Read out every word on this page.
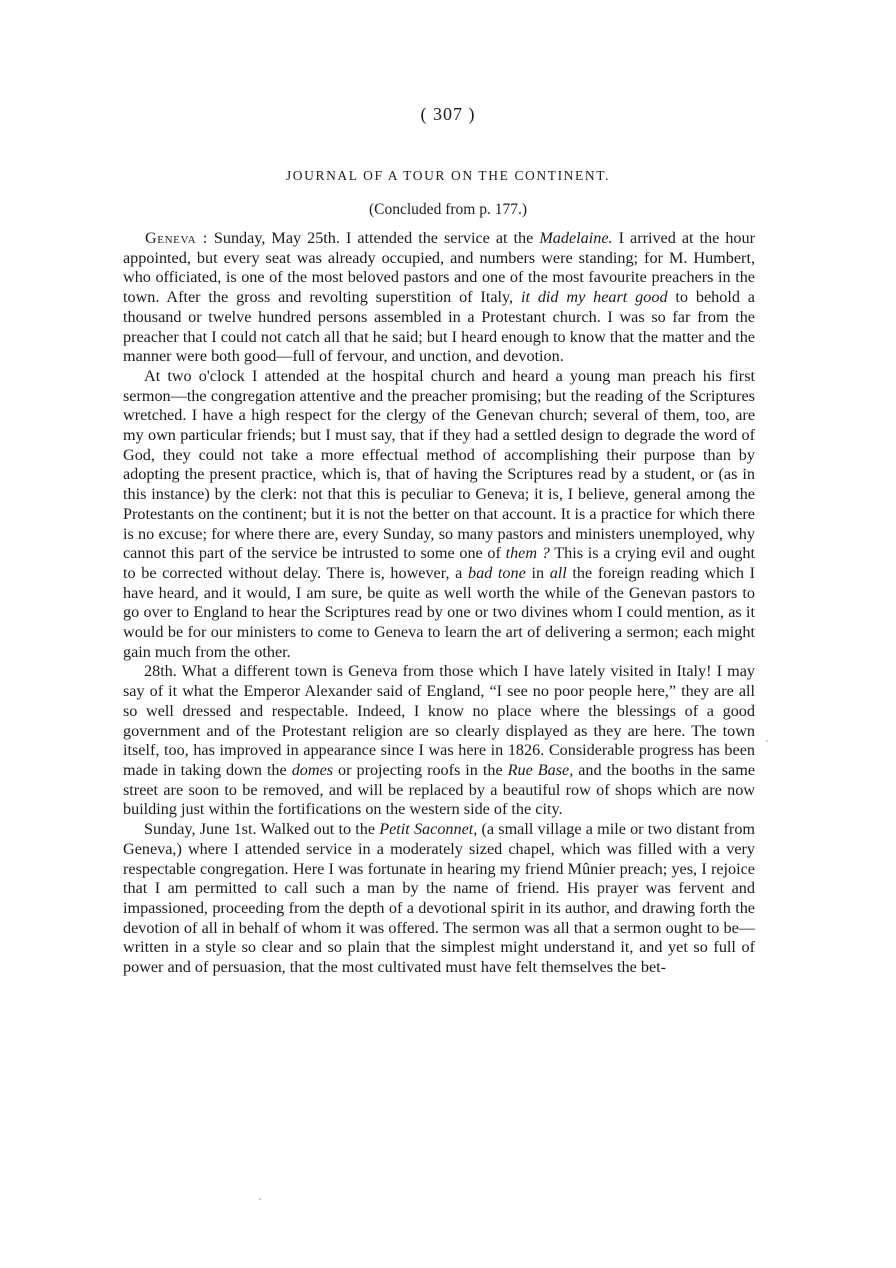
( 307 )
JOURNAL OF A TOUR ON THE CONTINENT.
(Concluded from p. 177.)

Geneva : Sunday, May 25th. I attended the service at the Madelaine. I arrived at the hour appointed, but every seat was already occupied, and numbers were standing; for M. Humbert, who officiated, is one of the most beloved pastors and one of the most favourite preachers in the town. After the gross and revolting superstition of Italy, it did my heart good to behold a thousand or twelve hundred persons assembled in a Protestant church. I was so far from the preacher that I could not catch all that he said; but I heard enough to know that the matter and the manner were both good—full of fervour, and unction, and devotion.

At two o'clock I attended at the hospital church and heard a young man preach his first sermon—the congregation attentive and the preacher promising; but the reading of the Scriptures wretched. I have a high respect for the clergy of the Genevan church; several of them, too, are my own particular friends; but I must say, that if they had a settled design to degrade the word of God, they could not take a more effectual method of accomplishing their purpose than by adopting the present practice, which is, that of having the Scriptures read by a student, or (as in this instance) by the clerk: not that this is peculiar to Geneva; it is, I believe, general among the Protestants on the continent; but it is not the better on that account. It is a practice for which there is no excuse; for where there are, every Sunday, so many pastors and ministers unemployed, why cannot this part of the service be intrusted to some one of them ? This is a crying evil and ought to be corrected without delay. There is, however, a bad tone in all the foreign reading which I have heard, and it would, I am sure, be quite as well worth the while of the Genevan pastors to go over to England to hear the Scriptures read by one or two divines whom I could mention, as it would be for our ministers to come to Geneva to learn the art of delivering a sermon; each might gain much from the other.

28th. What a different town is Geneva from those which I have lately visited in Italy! I may say of it what the Emperor Alexander said of England, “I see no poor people here,” they are all so well dressed and respectable. Indeed, I know no place where the blessings of a good government and of the Protestant religion are so clearly displayed as they are here. The town itself, too, has improved in appearance since I was here in 1826. Considerable progress has been made in taking down the domes or projecting roofs in the Rue Base, and the booths in the same street are soon to be removed, and will be replaced by a beautiful row of shops which are now building just within the fortifications on the western side of the city.

Sunday, June 1st. Walked out to the Petit Saconnet, (a small village a mile or two distant from Geneva,) where I attended service in a moderately sized chapel, which was filled with a very respectable congregation. Here I was fortunate in hearing my friend Mûnier preach; yes, I rejoice that I am permitted to call such a man by the name of friend. His prayer was fervent and impassioned, proceeding from the depth of a devotional spirit in its author, and drawing forth the devotion of all in behalf of whom it was offered. The sermon was all that a sermon ought to be—written in a style so clear and so plain that the simplest might understand it, and yet so full of power and of persuasion, that the most cultivated must have felt themselves the bet-
